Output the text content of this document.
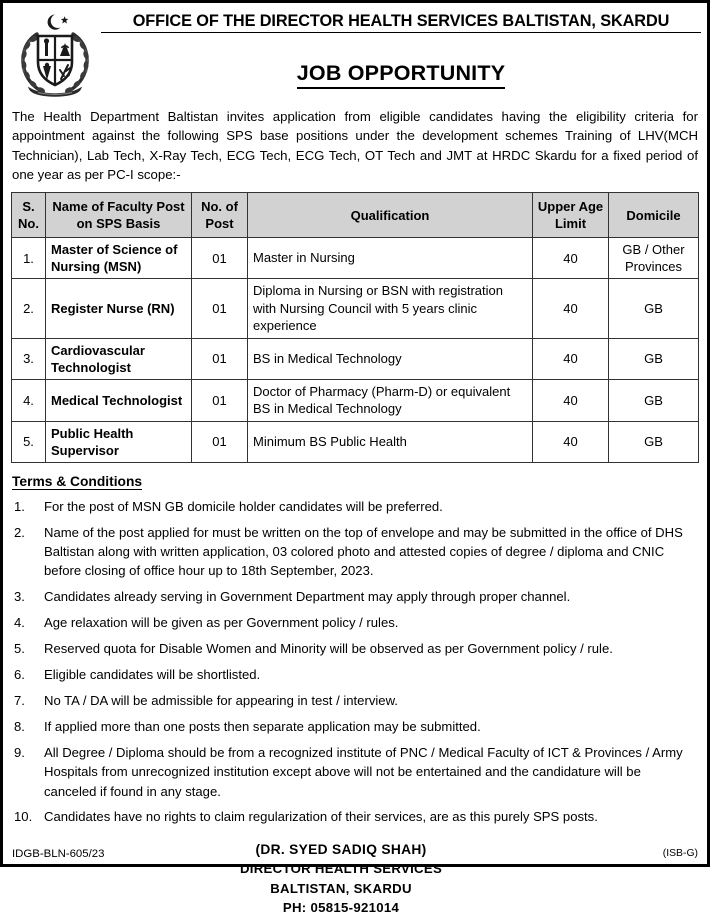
OFFICE OF THE DIRECTOR HEALTH SERVICES BALTISTAN, SKARDU
JOB OPPORTUNITY
The Health Department Baltistan invites application from eligible candidates having the eligibility criteria for appointment against the following SPS base positions under the development schemes Training of LHV(MCH Technician), Lab Tech, X-Ray Tech, ECG Tech, ECG Tech, OT Tech and JMT at HRDC Skardu for a fixed period of one year as per PC-I scope:-
S. No.	Name of Faculty Post on SPS Basis	No. of Post	Qualification	Upper Age Limit	Domicile
1.	Master of Science of Nursing (MSN)	01	Master in Nursing	40	GB / Other Provinces
2.	Register Nurse (RN)	01	Diploma in Nursing or BSN with registration with Nursing Council with 5 years clinic experience	40	GB
3.	Cardiovascular Technologist	01	BS in Medical Technology	40	GB
4.	Medical Technologist	01	Doctor of Pharmacy (Pharm-D) or equivalent BS in Medical Technology	40	GB
5.	Public Health Supervisor	01	Minimum BS Public Health	40	GB
Terms & Conditions
1.	For the post of MSN GB domicile holder candidates will be preferred.
2.	Name of the post applied for must be written on the top of envelope and may be submitted in the office of DHS Baltistan along with written application, 03 colored photo and attested copies of degree / diploma and CNIC before closing of office hour up to 18th September, 2023.
3.	Candidates already serving in Government Department may apply through proper channel.
4.	Age relaxation will be given as per Government policy / rules.
5.	Reserved quota for Disable Women and Minority will be observed as per Government policy / rule.
6.	Eligible candidates will be shortlisted.
7.	No TA / DA will be admissible for appearing in test / interview.
8.	If applied more than one posts then separate application may be submitted.
9.	All Degree / Diploma should be from a recognized institute of PNC / Medical Faculty of ICT & Provinces / Army Hospitals from unrecognized institution except above will not be entertained and the candidature will be canceled if found in any stage.
10. Candidates have no rights to claim regularization of their services, are as this purely SPS posts.
(DR. SYED SADIQ SHAH)
DIRECTOR HEALTH SERVICES
BALTISTAN, SKARDU
PH: 05815-921014
IDGB-BLN-605/23	(ISB-G)
